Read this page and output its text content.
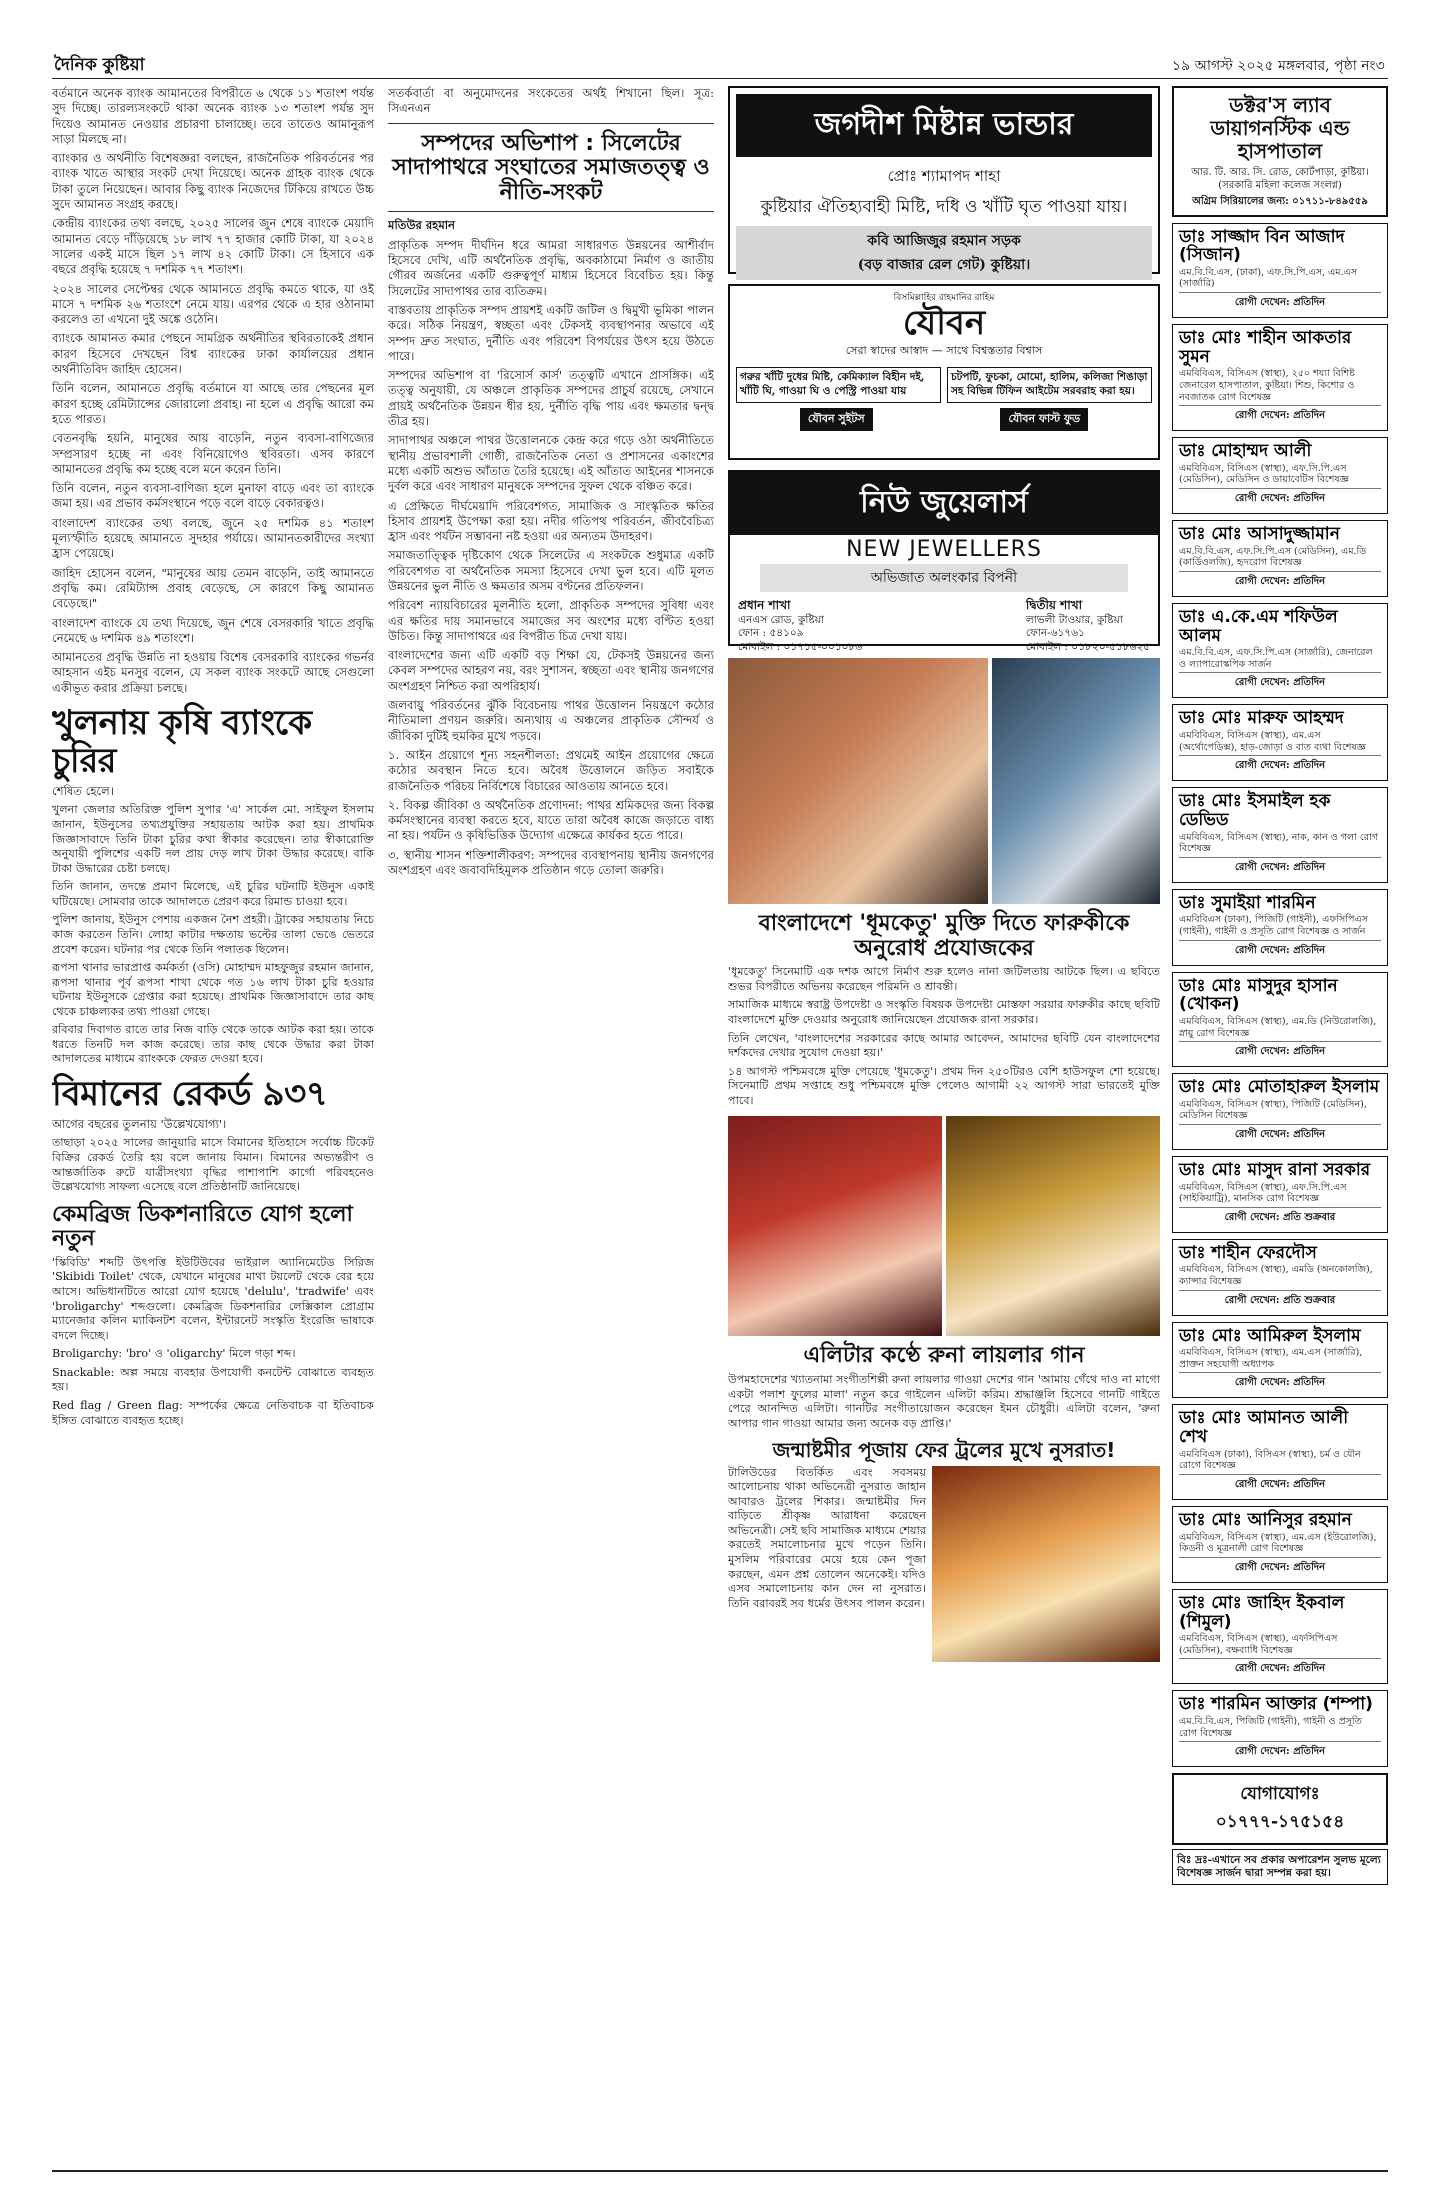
দৈনিক কুষ্টিয়া	১৯ আগস্ট ২০২৫ মঙ্গলবার, পৃষ্ঠা নং৩

বর্তমানে অনেক ব্যাংক আমানতের বিপরীতে ৬ থেকে ১১ শতাংশ পর্যন্ত সুদ দিচ্ছে। তারল্যসংকটে থাকা অনেক ব্যাংক ১৩ শতাংশ পর্যন্ত সুদ দিয়েও আমানত নেওয়ার প্রচারণা চালাচ্ছে। তবে তাতেও আমানুরূপ সাড়া মিলছে না।

ব্যাংকার ও অর্থনীতি বিশেষজ্ঞরা বলছেন, রাজনৈতিক পরিবর্তনের পর ব্যাংক খাতে আস্থার সংকট দেখা দিয়েছে। অনেক গ্রাহক ব্যাংক থেকে টাকা তুলে নিয়েছেন। আবার কিছু ব্যাংক নিজেদের টিকিয়ে রাখতে উচ্চ সুদে আমানত সংগ্রহ করছে।

কেন্দ্রীয় ব্যাংকের তথ্য বলছে, ২০২৫ সালের জুন শেষে ব্যাংকে মেয়াদি আমানত বেড়ে দাঁড়িয়েছে ১৮ লাখ ৭৭ হাজার কোটি টাকা, যা ২০২৪ সালের একই মাসে ছিল ১৭ লাখ ৪২ কোটি টাকা। সে হিসাবে এক বছরে প্রবৃদ্ধি হয়েছে ৭ দশমিক ৭৭ শতাংশ।

২০২৪ সালের সেপ্টেম্বর থেকে আমানতে প্রবৃদ্ধি কমতে থাকে, যা ওই মাসে ৭ দশমিক ২৬ শতাংশে নেমে যায়। এরপর থেকে এ হার ওঠানামা করলেও তা এখনো দুই অঙ্কে ওঠেনি।

ব্যাংকে আমানত কমার পেছনে সামগ্রিক অর্থনীতির স্থবিরতাকেই প্রধান কারণ হিসেবে দেখছেন বিশ্ব ব্যাংকের ঢাকা কার্যালয়ের প্রধান অর্থনীতিবিদ জাহিদ হোসেন।

তিনি বলেন, আমানতে প্রবৃদ্ধি বর্তমানে যা আছে তার পেছনের মূল কারণ হচ্ছে রেমিট্যান্সের জোরালো প্রবাহ। না হলে এ প্রবৃদ্ধি আরো কম হতে পারত।

বেতনবৃদ্ধি হয়নি, মানুষের আয় বাড়েনি, নতুন ব্যবসা-বাণিজ্যের সম্প্রসারণ হচ্ছে না এবং বিনিয়োগেও স্থবিরতা। এসব কারণে আমানতের প্রবৃদ্ধি কম হচ্ছে বলে মনে করেন তিনি।

তিনি বলেন, নতুন ব্যবসা-বাণিজ্য হলে মুনাফা বাড়ে এবং তা ব্যাংকে জমা হয়। এর প্রভাব কর্মসংস্থানে পড়ে বলে বাড়ে বেকারত্বও।

বাংলাদেশ ব্যাংকের তথ্য বলছে, জুনে ২৫ দশমিক ৪১ শতাংশ মূল্যস্ফীতি হয়েছে আমানতে সুদহার পর্যায়ে। আমানতকারীদের সংখ্যা হ্রাস পেয়েছে।

জাহিদ হোসেন বলেন, "মানুষের আয় তেমন বাড়েনি, তাই আমানতে প্রবৃদ্ধি কম। রেমিট্যান্স প্রবাহ বেড়েছে, সে কারণে কিছু আমানত বেড়েছে।"

বাংলাদেশ ব্যাংকে যে তথ্য দিয়েছে, জুন শেষে বেসরকারি খাতে প্রবৃদ্ধি নেমেছে ৬ দশমিক ৪৯ শতাংশে।

আমানতের প্রবৃদ্ধি উন্নতি না হওয়ায় বিশেষ বেসরকারি ব্যাংকের গভর্নর আহসান এইচ মনসুর বলেন, যে সকল ব্যাংক সংকটে আছে সেগুলো একীভূত করার প্রক্রিয়া চলছে।

খুলনায় কৃষি ব্যাংকে চুরির

শেষিত হেলে।

খুলনা জেলার অতিরিক্ত পুলিশ সুপার 'এ' সার্কেল মো. সাইফুল ইসলাম জানান, ইউনুসের তথ্যপ্রযুক্তির সহায়তায় আটক করা হয়। প্রাথমিক জিজ্ঞাসাবাদে তিনি টাকা চুরির কথা স্বীকার করেছেন। তার স্বীকারোক্তি অনুযায়ী পুলিশের একটি দল প্রায় দেড় লাখ টাকা উদ্ধার করেছে। বাকি টাকা উদ্ধারের চেষ্টা চলছে।

তিনি জানান, তদন্তে প্রমাণ মিলেছে, এই চুরির ঘটনাটি ইউনুস একাই ঘটিয়েছে। সোমবার তাকে আদালতে প্রেরণ করে রিমান্ড চাওয়া হবে।

পুলিশ জানায়, ইউনুস পেশায় একজন নৈশ প্রহরী। ট্রাকের সহায়তায় নিচে কাজ করতেন তিনি। লোহা কাটার দক্ষতায় ভল্টের তালা ভেঙে ভেতরে প্রবেশ করেন। ঘটনার পর থেকে তিনি পলাতক ছিলেন।

রূপসা থানার ভারপ্রাপ্ত কর্মকর্তা (ওসি) মোহাম্মদ মাহফুজুর রহমান জানান, রূপসা থানার পূর্ব রূপসা শাখা থেকে গত ১৬ লাখ টাকা চুরি হওয়ার ঘটনায় ইউনুসকে গ্রেপ্তার করা হয়েছে। প্রাথমিক জিজ্ঞাসাবাদে তার কাছ থেকে চাঞ্চল্যকর তথ্য পাওয়া গেছে।

রবিবার দিবাগত রাতে তার নিজ বাড়ি থেকে তাকে আটক করা হয়। তাকে ধরতে তিনটি দল কাজ করেছে। তার কাছ থেকে উদ্ধার করা টাকা আদালতের মাধ্যমে ব্যাংককে ফেরত দেওয়া হবে।

বিমানের রেকর্ড ৯৩৭

আগের বছরের তুলনায় 'উল্লেখযোগ্য'।

তাছাড়া ২০২৫ সালের জানুয়ারি মাসে বিমানের ইতিহাসে সর্বোচ্চ টিকেট বিক্রির রেকর্ড তৈরি হয় বলে জানায় বিমান। বিমানের অভ্যন্তরীণ ও আন্তর্জাতিক রুটে যাত্রীসংখ্যা বৃদ্ধির পাশাপাশি কার্গো পরিবহনেও উল্লেখযোগ্য সাফল্য এসেছে বলে প্রতিষ্ঠানটি জানিয়েছে।

কেমব্রিজ ডিকশনারিতে যোগ হলো নতুন

'স্কিবিডি' শব্দটি উৎপত্তি ইউটিউবের ভাইরাল অ্যানিমেটেড সিরিজ 'Skibidi Toilet' থেকে, যেখানে মানুষের মাথা টয়লেট থেকে বের হয়ে আসে। অভিধানটিতে আরো যোগ হয়েছে 'delulu', 'tradwife' এবং 'broligarchy' শব্দগুলো। কেমব্রিজ ডিকশনারির লেক্সিকাল প্রোগ্রাম ম্যানেজার কলিন ম্যাকিনটশ বলেন, ইন্টারনেট সংস্কৃতি ইংরেজি ভাষাকে বদলে দিচ্ছে।

Broligarchy: 'bro' ও 'oligarchy' মিলে গড়া শব্দ।

Snackable: অল্প সময়ে ব্যবহার উপযোগী কনটেন্ট বোঝাতে ব্যবহৃত হয়।

Red flag / Green flag: সম্পর্কের ক্ষেত্রে নেতিবাচক বা ইতিবাচক ইঙ্গিত বোঝাতে ব্যবহৃত হচ্ছে।

সতর্কবার্তা বা অনুমোদনের সংকেতের অর্থই শিখানো ছিল। সূত্র: সিএনএন

সম্পদের অভিশাপ : সিলেটের সাদাপাথরে সংঘাতের সমাজতত্ত্ব ও নীতি-সংকট

মতিউর রহমান

প্রাকৃতিক সম্পদ দীর্ঘদিন ধরে আমরা সাধারণত উন্নয়নের আশীর্বাদ হিসেবে দেখি, এটি অর্থনৈতিক প্রবৃদ্ধি, অবকাঠামো নির্মাণ ও জাতীয় গৌরব অর্জনের একটি গুরুত্বপূর্ণ মাধ্যম হিসেবে বিবেচিত হয়। কিন্তু সিলেটের সাদাপাথর তার ব্যতিক্রম।

বাস্তবতায় প্রাকৃতিক সম্পদ প্রায়শই একটি জটিল ও দ্বিমুখী ভূমিকা পালন করে। সঠিক নিয়ন্ত্রণ, স্বচ্ছতা এবং টেকসই ব্যবস্থাপনার অভাবে এই সম্পদ দ্রুত সংঘাত, দুর্নীতি এবং পরিবেশ বিপর্যয়ের উৎস হয়ে উঠতে পারে।

সম্পদের অভিশাপ বা 'রিসোর্স কার্স' তত্ত্বটি এখানে প্রাসঙ্গিক। এই তত্ত্ব অনুযায়ী, যে অঞ্চলে প্রাকৃতিক সম্পদের প্রাচুর্য রয়েছে, সেখানে প্রায়ই অর্থনৈতিক উন্নয়ন ধীর হয়, দুর্নীতি বৃদ্ধি পায় এবং ক্ষমতার দ্বন্দ্ব তীব্র হয়।

সাদাপাথর অঞ্চলে পাথর উত্তোলনকে কেন্দ্র করে গড়ে ওঠা অর্থনীতিতে স্থানীয় প্রভাবশালী গোষ্ঠী, রাজনৈতিক নেতা ও প্রশাসনের একাংশের মধ্যে একটি অশুভ আঁতাত তৈরি হয়েছে। এই আঁতাত আইনের শাসনকে দুর্বল করে এবং সাধারণ মানুষকে সম্পদের সুফল থেকে বঞ্চিত করে।

এ প্রেক্ষিতে দীর্ঘমেয়াদি পরিবেশগত, সামাজিক ও সাংস্কৃতিক ক্ষতির হিসাব প্রায়শই উপেক্ষা করা হয়। নদীর গতিপথ পরিবর্তন, জীববৈচিত্র্য হ্রাস এবং পর্যটন সম্ভাবনা নষ্ট হওয়া এর অন্যতম উদাহরণ।

সমাজতাত্ত্বিক দৃষ্টিকোণ থেকে সিলেটের এ সংকটকে শুধুমাত্র একটি পরিবেশগত বা অর্থনৈতিক সমস্যা হিসেবে দেখা ভুল হবে। এটি মূলত উন্নয়নের ভুল নীতি ও ক্ষমতার অসম বণ্টনের প্রতিফলন।

পরিবেশ ন্যায়বিচারের মূলনীতি হলো, প্রাকৃতিক সম্পদের সুবিধা এবং এর ক্ষতির দায় সমানভাবে সমাজের সব অংশের মধ্যে বণ্টিত হওয়া উচিত। কিন্তু সাদাপাথরে এর বিপরীত চিত্র দেখা যায়।

বাংলাদেশের জন্য এটি একটি বড় শিক্ষা যে, টেকসই উন্নয়নের জন্য কেবল সম্পদের আহরণ নয়, বরং সুশাসন, স্বচ্ছতা এবং স্থানীয় জনগণের অংশগ্রহণ নিশ্চিত করা অপরিহার্য।

জলবায়ু পরিবর্তনের ঝুঁকি বিবেচনায় পাথর উত্তোলন নিয়ন্ত্রণে কঠোর নীতিমালা প্রণয়ন জরুরি। অন্যথায় এ অঞ্চলের প্রাকৃতিক সৌন্দর্য ও জীবিকা দুটিই হুমকির মুখে পড়বে।

১. আইন প্রয়োগে শূন্য সহনশীলতা: প্রথমেই আইন প্রয়োগের ক্ষেত্রে কঠোর অবস্থান নিতে হবে। অবৈধ উত্তোলনে জড়িত সবাইকে রাজনৈতিক পরিচয় নির্বিশেষে বিচারের আওতায় আনতে হবে।

২. বিকল্প জীবিকা ও অর্থনৈতিক প্রণোদনা: পাথর শ্রমিকদের জন্য বিকল্প কর্মসংস্থানের ব্যবস্থা করতে হবে, যাতে তারা অবৈধ কাজে জড়াতে বাধ্য না হয়। পর্যটন ও কৃষিভিত্তিক উদ্যোগ এক্ষেত্রে কার্যকর হতে পারে।

৩. স্থানীয় শাসন শক্তিশালীকরণ: সম্পদের ব্যবস্থাপনায় স্থানীয় জনগণের অংশগ্রহণ এবং জবাবদিহিমূলক প্রতিষ্ঠান গড়ে তোলা জরুরি।

জগদীশ মিষ্টান্ন ভান্ডার
প্রোঃ শ্যামাপদ শাহা
কুষ্টিয়ার ঐতিহ্যবাহী মিষ্টি, দধি ও খাঁটি ঘৃত পাওয়া যায়।
কবি আজিজুর রহমান সড়ক
(বড় বাজার রেল গেট) কুষ্টিয়া।
বিসমিল্লাহির রাহমানির রাহিম
যৌবন
সেরা স্বাদের আস্বাদ — সাথে বিশ্বস্ততার বিশ্বাস
গরুর খাঁটি দুধের মিষ্টি, কেমিক্যাল বিহীন দই, খাঁটি ঘি, গাওয়া ঘি ও পেস্ট্রি পাওয়া যায়
চটপটি, ফুচকা, মোমো, হালিম, কলিজা শিঙাড়া সহ বিভিন্ন টিফিন আইটেম সরবরাহ করা হয়।
যৌবন সুইটস	যৌবন ফাস্ট ফুড
নিউ জুয়েলার্স
NEW JEWELLERS
অভিজাত অলংকার বিপনী
প্রধান শাখা
এনএস রোড, কুষ্টিয়া
ফোন : ৫৪১০৯
মোবাইল : ০১৭১৫-০০১০৮৬
দ্বিতীয় শাখা
লাভলী টাওয়ার, কুষ্টিয়া
ফোন-৬১৭৬১
মোবাইল : ০১৮২০-৫১৮৬২৫
বাংলাদেশে 'ধূমকেতু' মুক্তি দিতে ফারুকীকে অনুরোধ প্রযোজকের

'ধূমকেতু' সিনেমাটি এক দশক আগে নির্মাণ শুরু হলেও নানা জটিলতায় আটকে ছিল। এ ছবিতে শুভর বিপরীতে অভিনয় করেছেন পরিমনি ও শ্রাবন্তী।

সামাজিক মাধ্যমে স্বরাষ্ট্র উপদেষ্টা ও সংস্কৃতি বিষয়ক উপদেষ্টা মোস্তফা সরয়ার ফারুকীর কাছে ছবিটি বাংলাদেশে মুক্তি দেওয়ার অনুরোধ জানিয়েছেন প্রযোজক রানা সরকার।

তিনি লেখেন, 'বাংলাদেশের সরকারের কাছে আমার আবেদন, আমাদের ছবিটি যেন বাংলাদেশের দর্শকদের দেখার সুযোগ দেওয়া হয়।'

১৪ আগস্ট পশ্চিমবঙ্গে মুক্তি পেয়েছে 'ধূমকেতু'। প্রথম দিন ২৫০টিরও বেশি হাউসফুল শো হয়েছে। সিনেমাটি প্রথম সপ্তাহে শুধু পশ্চিমবঙ্গে মুক্তি পেলেও আগামী ২২ আগস্ট সারা ভারতেই মুক্তি পাবে।

এলিটার কণ্ঠে রুনা লায়লার গান

উপমহাদেশের খ্যাতনামা সংগীতশিল্পী রুনা লায়লার গাওয়া দেশের গান 'আমায় গেঁথে দাও না মাগো একটা পলাশ ফুলের মালা' নতুন করে গাইলেন এলিটা করিম। শ্রদ্ধাঞ্জলি হিসেবে গানটি গাইতে পেরে আনন্দিত এলিটা। গানটির সংগীতায়োজন করেছেন ইমন চৌধুরী। এলিটা বলেন, 'রুনা আপার গান গাওয়া আমার জন্য অনেক বড় প্রাপ্তি।'

জন্মাষ্টমীর পূজায় ফের ট্রলের মুখে নুসরাত!

টালিউডের বিতর্কিত এবং সবসময় আলোচনায় থাকা অভিনেত্রী নুসরাত জাহান আবারও ট্রলের শিকার। জন্মাষ্টমীর দিন বাড়িতে শ্রীকৃষ্ণ আরাধনা করেছেন অভিনেত্রী। সেই ছবি সামাজিক মাধ্যমে শেয়ার করতেই সমালোচনার মুখে পড়েন তিনি। মুসলিম পরিবারের মেয়ে হয়ে কেন পূজা করছেন, এমন প্রশ্ন তোলেন অনেকেই। যদিও এসব সমালোচনায় কান দেন না নুসরাত। তিনি বরাবরই সব ধর্মের উৎসব পালন করেন।

ডক্টর'স ল্যাব ডায়াগনস্টিক এন্ড হাসপাতাল
আর. টি. আর. সি. রোড, কোর্টপাড়া, কুষ্টিয়া। (সরকারি মহিলা কলেজ সংলগ্ন)
অগ্রিম সিরিয়ালের জন্য: ০১৭১১-৮৪৯৫৫৯
ডাঃ সাজ্জাদ বিন আজাদ (সিজান)
এম.বি.বি.এস, (ঢাকা), এফ.সি.পি.এস, এম.এস (সার্জারি)
রোগী দেখেন: প্রতিদিন
ডাঃ মোঃ শাহীন আকতার সুমন
এমবিবিএস, বিসিএস (স্বাস্থ্য), ২৫০ শয্যা বিশিষ্ট জেনারেল হাসপাতাল, কুষ্টিয়া। শিশু, কিশোর ও নবজাতক রোগ বিশেষজ্ঞ
রোগী দেখেন: প্রতিদিন
ডাঃ মোহাম্মদ আলী
এমবিবিএস, বিসিএস (স্বাস্থ্য), এফ.সি.পি.এস (মেডিসিন), মেডিসিন ও ডায়াবেটিস বিশেষজ্ঞ
রোগী দেখেন: প্রতিদিন
ডাঃ মোঃ আসাদুজ্জামান
এম.বি.বি.এস, এফ.সি.পি.এস (মেডিসিন), এম.ডি (কার্ডিওলজি), হৃদরোগ বিশেষজ্ঞ
রোগী দেখেন: প্রতিদিন
ডাঃ এ.কে.এম শফিউল আলম
এম.বি.বি.এস, এফ.সি.পি.এস (সার্জারি), জেনারেল ও ল্যাপারোস্কপিক সার্জন
রোগী দেখেন: প্রতিদিন
ডাঃ মোঃ মারুফ আহম্মদ
এমবিবিএস, বিসিএস (স্বাস্থ্য), এম.এস (অর্থোপেডিক্স), হাড়-জোড়া ও বাত ব্যথা বিশেষজ্ঞ
রোগী দেখেন: প্রতিদিন
ডাঃ মোঃ ইসমাইল হক ডেভিড
এমবিবিএস, বিসিএস (স্বাস্থ্য), নাক, কান ও গলা রোগ বিশেষজ্ঞ
রোগী দেখেন: প্রতিদিন
ডাঃ সুমাইয়া শারমিন
এমবিবিএস (ঢাকা), পিজিটি (গাইনী), এফসিপিএস (গাইনী), গাইনী ও প্রসূতি রোগ বিশেষজ্ঞ ও সার্জন
রোগী দেখেন: প্রতিদিন
ডাঃ মোঃ মাসুদুর হাসান (খোকন)
এমবিবিএস, বিসিএস (স্বাস্থ্য), এম.ডি (নিউরোলজি), স্নায়ু রোগ বিশেষজ্ঞ
রোগী দেখেন: প্রতিদিন
ডাঃ মোঃ মোতাহারুল ইসলাম
এমবিবিএস, বিসিএস (স্বাস্থ্য), পিজিটি (মেডিসিন), মেডিসিন বিশেষজ্ঞ
রোগী দেখেন: প্রতিদিন
ডাঃ মোঃ মাসুদ রানা সরকার
এমবিবিএস, বিসিএস (স্বাস্থ্য), এফ.সি.পি.এস (সাইকিয়াট্রি), মানসিক রোগ বিশেষজ্ঞ
রোগী দেখেন: প্রতি শুক্রবার
ডাঃ শাহীন ফেরদৌস
এমবিবিএস, বিসিএস (স্বাস্থ্য), এমডি (অনকোলজি), ক্যান্সার বিশেষজ্ঞ
রোগী দেখেন: প্রতি শুক্রবার
ডাঃ মোঃ আমিরুল ইসলাম
এমবিবিএস, বিসিএস (স্বাস্থ্য), এম.এস (সার্জারি), প্রাক্তন সহযোগী অধ্যাপক
রোগী দেখেন: প্রতিদিন
ডাঃ মোঃ আমানত আলী শেখ
এমবিবিএস (ঢাকা), বিসিএস (স্বাস্থ্য), চর্ম ও যৌন রোগে বিশেষজ্ঞ
রোগী দেখেন: প্রতিদিন
ডাঃ মোঃ আনিসুর রহমান
এমবিবিএস, বিসিএস (স্বাস্থ্য), এম.এস (ইউরোলজি), কিডনী ও মূত্রনালী রোগ বিশেষজ্ঞ
রোগী দেখেন: প্রতিদিন
ডাঃ মোঃ জাহিদ ইকবাল (শিমুল)
এমবিবিএস, বিসিএস (স্বাস্থ্য), এফসিপিএস (মেডিসিন), বক্ষব্যাধি বিশেষজ্ঞ
রোগী দেখেন: প্রতিদিন
ডাঃ শারমিন আক্তার (শম্পা)
এম.বি.বি.এস, পিজিটি (গাইনী), গাইনী ও প্রসূতি রোগ বিশেষজ্ঞ
রোগী দেখেন: প্রতিদিন
যোগাযোগঃ ০১৭৭৭-১৭৫১৫৪
বিঃ দ্রঃ-এখানে সব প্রকার অপারেশন সুলভ মূল্যে বিশেষজ্ঞ সার্জন দ্বারা সম্পন্ন করা হয়।
